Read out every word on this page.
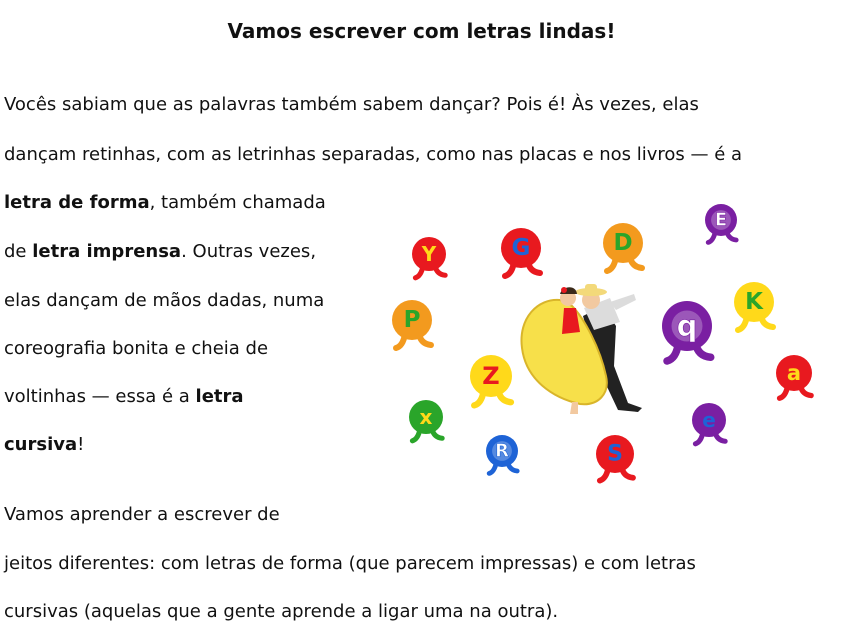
Vamos escrever com letras lindas!
Vocês sabiam que as palavras também sabem dançar? Pois é! Às vezes, elas
dançam retinhas, com as letrinhas separadas, como nas placas e nos livros — é a
letra de forma, também chamada
de letra imprensa. Outras vezes,
elas dançam de mãos dadas, numa
coreografia bonita e cheia de
voltinhas — essa é a letra
cursiva!
Vamos aprender a escrever de
jeitos diferentes: com letras de forma (que parecem impressas) e com letras
cursivas (aquelas que a gente aprende a ligar uma na outra).
Y	G	D
E
P
K
q
Z	a
x	e
R	S
